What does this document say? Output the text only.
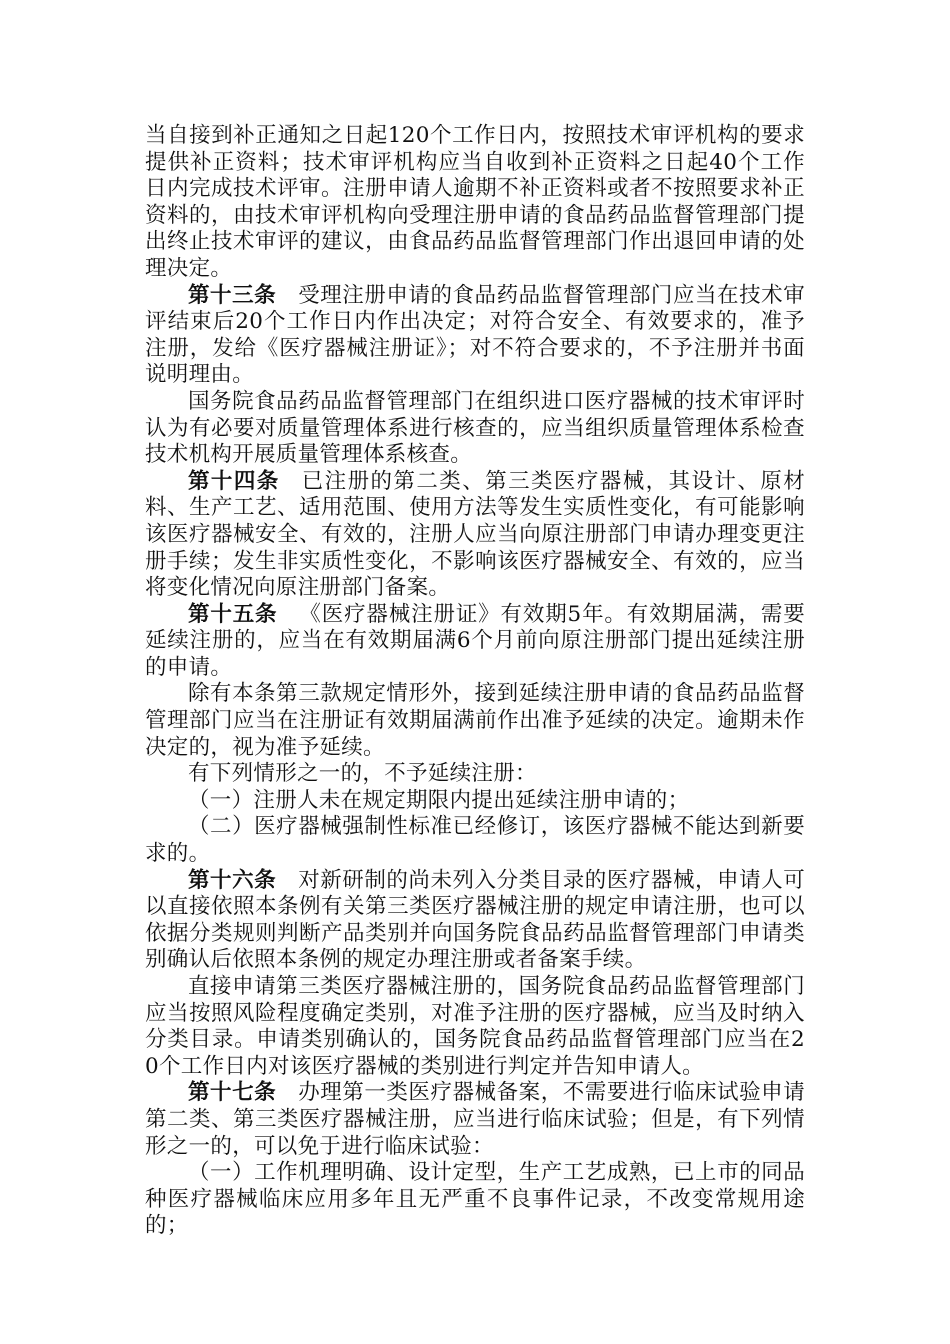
当自接到补正通知之日起120个工作日内，按照技术审评机构的要求提供补正资料；技术审评机构应当自收到补正资料之日起40个工作日内完成技术评审。注册申请人逾期不补正资料或者不按照要求补正资料的，由技术审评机构向受理注册申请的食品药品监督管理部门提出终止技术审评的建议，由食品药品监督管理部门作出退回申请的处理决定。

第十三条 受理注册申请的食品药品监督管理部门应当在技术审评结束后20个工作日内作出决定；对符合安全、有效要求的，准予注册，发给《医疗器械注册证》；对不符合要求的，不予注册并书面说明理由。

国务院食品药品监督管理部门在组织进口医疗器械的技术审评时认为有必要对质量管理体系进行核查的，应当组织质量管理体系检查技术机构开展质量管理体系核查。

第十四条 已注册的第二类、第三类医疗器械，其设计、原材料、生产工艺、适用范围、使用方法等发生实质性变化，有可能影响该医疗器械安全、有效的，注册人应当向原注册部门申请办理变更注册手续；发生非实质性变化，不影响该医疗器械安全、有效的，应当将变化情况向原注册部门备案。

第十五条 《医疗器械注册证》有效期5年。有效期届满，需要延续注册的，应当在有效期届满6个月前向原注册部门提出延续注册的申请。

除有本条第三款规定情形外，接到延续注册申请的食品药品监督管理部门应当在注册证有效期届满前作出准予延续的决定。逾期未作决定的，视为准予延续。

有下列情形之一的，不予延续注册：

（一）注册人未在规定期限内提出延续注册申请的；

（二）医疗器械强制性标准已经修订，该医疗器械不能达到新要求的。

第十六条 对新研制的尚未列入分类目录的医疗器械，申请人可以直接依照本条例有关第三类医疗器械注册的规定申请注册，也可以依据分类规则判断产品类别并向国务院食品药品监督管理部门申请类别确认后依照本条例的规定办理注册或者备案手续。

直接申请第三类医疗器械注册的，国务院食品药品监督管理部门应当按照风险程度确定类别，对准予注册的医疗器械，应当及时纳入分类目录。申请类别确认的，国务院食品药品监督管理部门应当在20个工作日内对该医疗器械的类别进行判定并告知申请人。

第十七条 办理第一类医疗器械备案，不需要进行临床试验申请第二类、第三类医疗器械注册，应当进行临床试验；但是，有下列情形之一的，可以免于进行临床试验：

（一）工作机理明确、设计定型，生产工艺成熟，已上市的同品种医疗器械临床应用多年且无严重不良事件记录，不改变常规用途的；
